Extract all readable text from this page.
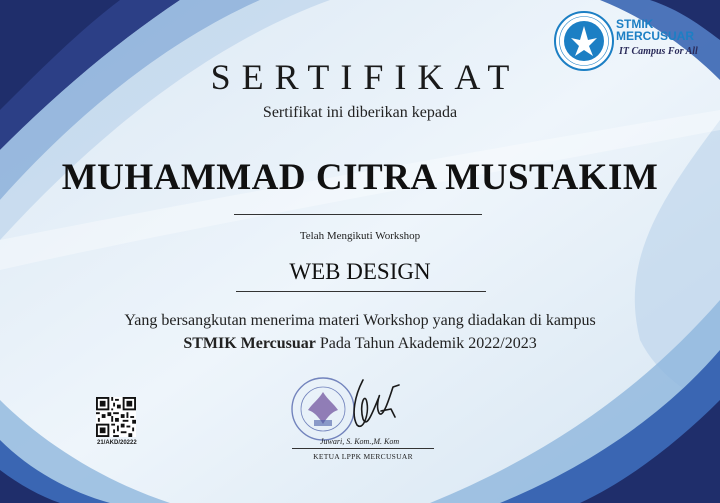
STMIK
MERCUSUAR
IT Campus For All
SERTIFIKAT
Sertifikat ini diberikan kepada
MUHAMMAD CITRA MUSTAKIM
Telah Mengikuti Workshop
WEB DESIGN
Yang bersangkutan menerima materi Workshop yang diadakan di kampus
STMIK Mercusuar Pada Tahun Akademik 2022/2023
21/AKD/20222	Juwari, S. Kom.,M. Kom
KETUA LPPK MERCUSUAR
